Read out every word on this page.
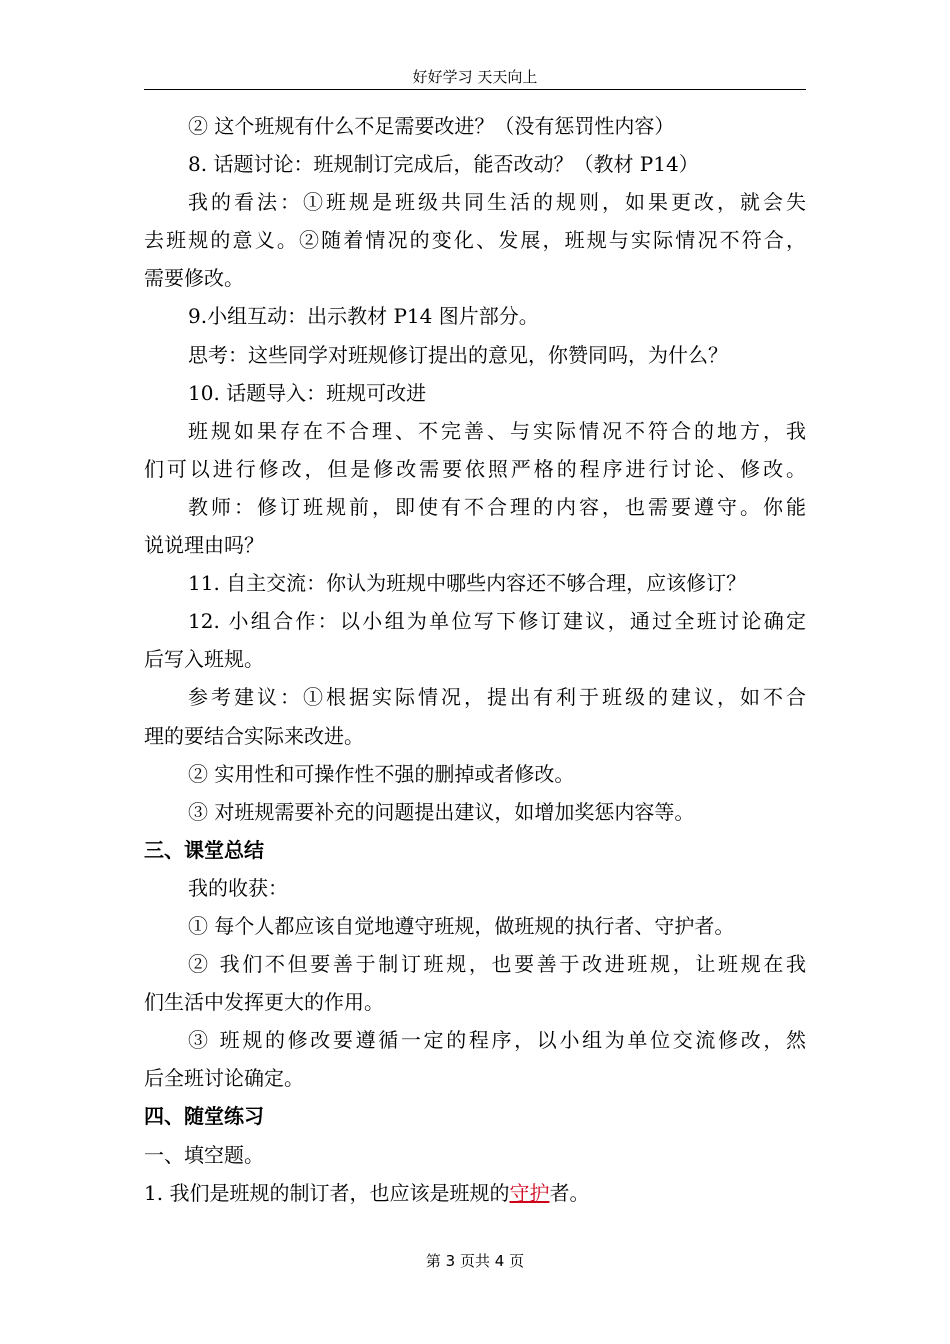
好好学习 天天向上
② 这个班规有什么不足需要改进？（没有惩罚性内容）
8. 话题讨论：班规制订完成后，能否改动？（教材 P14）
我的看法：①班规是班级共同生活的规则，如果更改，就会失
去班规的意义。②随着情况的变化、发展，班规与实际情况不符合，
需要修改。
9.小组互动：出示教材 P14 图片部分。
思考：这些同学对班规修订提出的意见，你赞同吗，为什么？
10. 话题导入：班规可改进
班规如果存在不合理、不完善、与实际情况不符合的地方，我
们可以进行修改，但是修改需要依照严格的程序进行讨论、修改。
教师：修订班规前，即使有不合理的内容，也需要遵守。你能
说说理由吗？
11. 自主交流：你认为班规中哪些内容还不够合理，应该修订？
12. 小组合作：以小组为单位写下修订建议，通过全班讨论确定
后写入班规。
参考建议：①根据实际情况，提出有利于班级的建议，如不合
理的要结合实际来改进。
② 实用性和可操作性不强的删掉或者修改。
③ 对班规需要补充的问题提出建议，如增加奖惩内容等。
三、课堂总结
我的收获：
① 每个人都应该自觉地遵守班规，做班规的执行者、守护者。
② 我们不但要善于制订班规，也要善于改进班规，让班规在我
们生活中发挥更大的作用。
③ 班规的修改要遵循一定的程序，以小组为单位交流修改，然
后全班讨论确定。
四、随堂练习
一、填空题。
1. 我们是班规的制订者，也应该是班规的守护者。
第 3 页共 4 页
